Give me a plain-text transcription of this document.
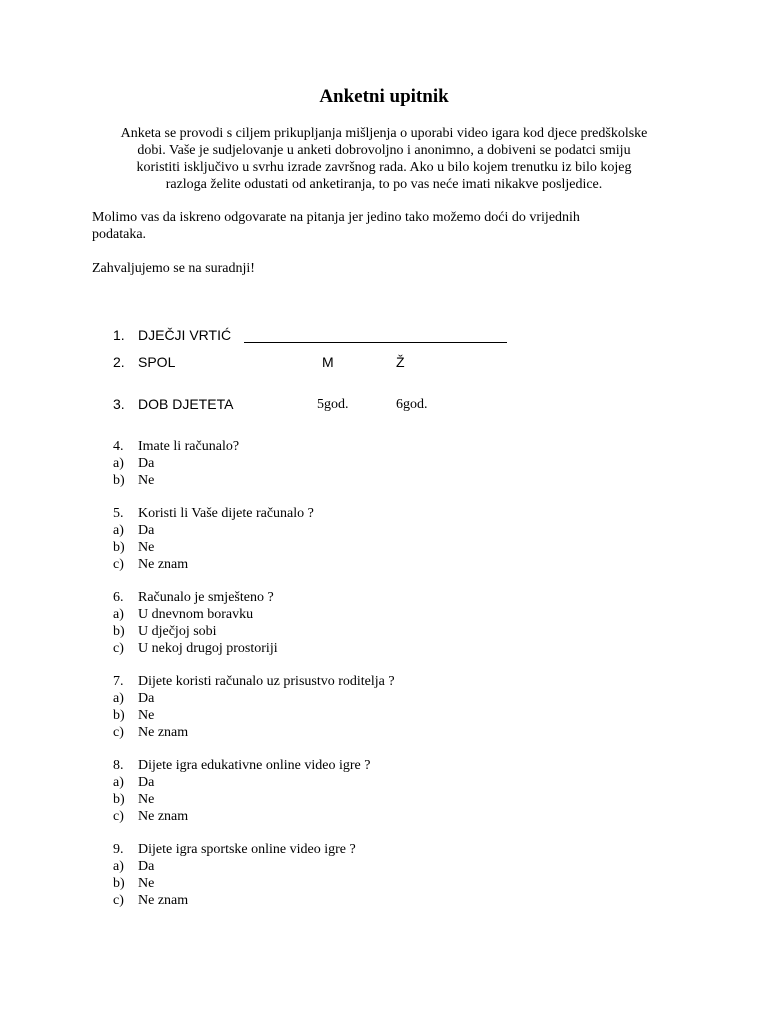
Anketni upitnik
Anketa se provodi s ciljem prikupljanja mišljenja o uporabi video igara kod djece predškolske
dobi. Vaše je sudjelovanje u anketi dobrovoljno i anonimno, a dobiveni se podatci smiju
koristiti isključivo u svrhu izrade završnog rada. Ako u bilo kojem trenutku iz bilo kojeg
razloga želite odustati od anketiranja, to po vas neće imati nikakve posljedice.
Molimo vas da iskreno odgovarate na pitanja jer jedino tako možemo doći do vrijednih
podataka.
Zahvaljujemo se na suradnji!
1. DJEČJI VRTIĆ
2. SPOL	M	Ž
3. DOB DJETETA	5god.	6god.
4. Imate li računalo?
a) Da
b) Ne
5. Koristi li Vaše dijete računalo ?
a) Da
b) Ne
c) Ne znam
6. Računalo je smješteno ?
a) U dnevnom boravku
b) U dječjoj sobi
c) U nekoj drugoj prostoriji
7. Dijete koristi računalo uz prisustvo roditelja ?
a) Da
b) Ne
c) Ne znam
8. Dijete igra edukativne online video igre ?
a) Da
b) Ne
c) Ne znam
9. Dijete igra sportske online video igre ?
a) Da
b) Ne
c) Ne znam
